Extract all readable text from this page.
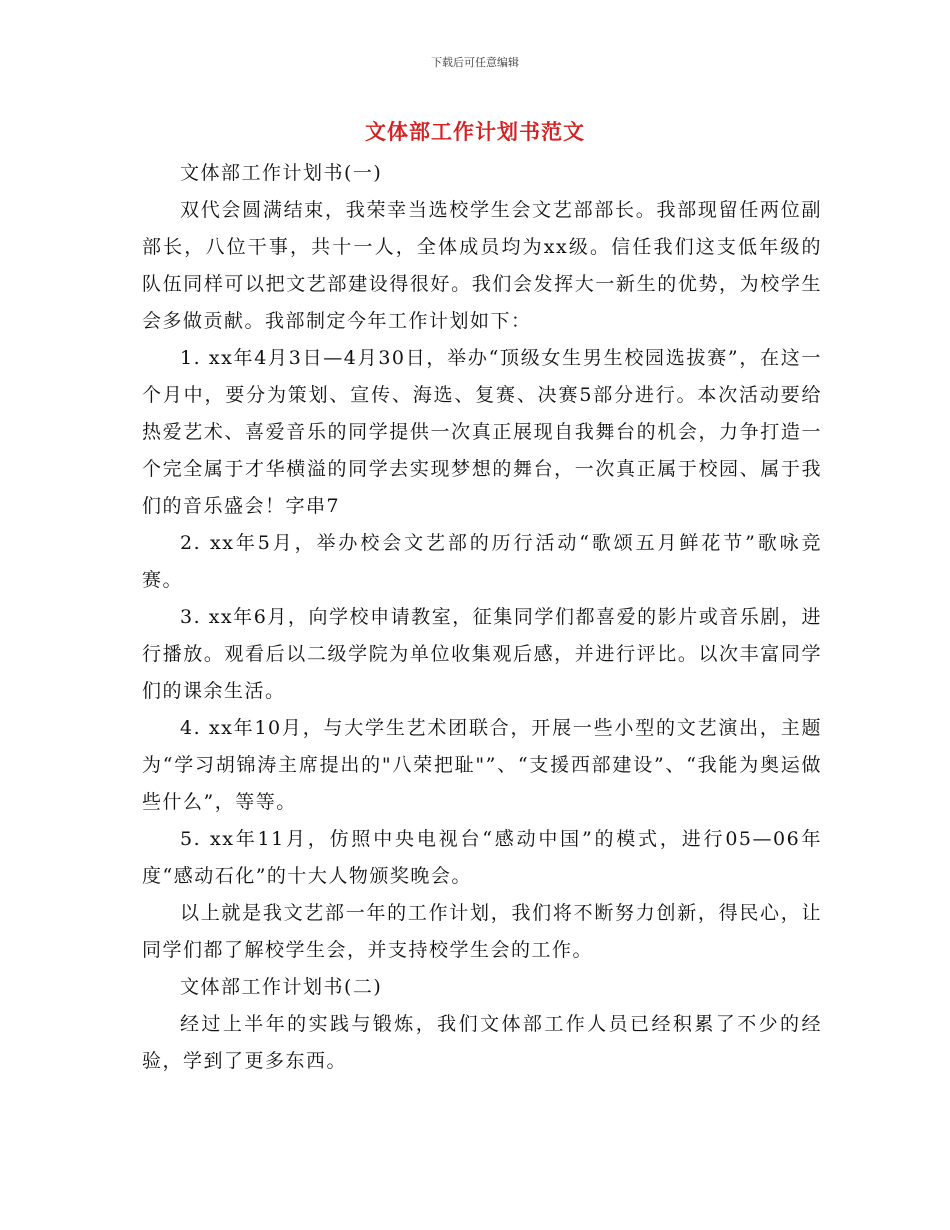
下载后可任意编辑
文体部工作计划书范文

文体部工作计划书(一)

双代会圆满结束，我荣幸当选校学生会文艺部部长。我部现留任两位副部长，八位干事，共十一人，全体成员均为xx级。信任我们这支低年级的队伍同样可以把文艺部建设得很好。我们会发挥大一新生的优势，为校学生会多做贡献。我部制定今年工作计划如下：

1. xx年4月3日—4月30日，举办“顶级女生男生校园选拔赛”，在这一个月中，要分为策划、宣传、海选、复赛、决赛5部分进行。本次活动要给热爱艺术、喜爱音乐的同学提供一次真正展现自我舞台的机会，力争打造一个完全属于才华横溢的同学去实现梦想的舞台，一次真正属于校园、属于我们的音乐盛会！字串7

2. xx年5月，举办校会文艺部的历行活动“歌颂五月鲜花节”歌咏竞赛。

3. xx年6月，向学校申请教室，征集同学们都喜爱的影片或音乐剧，进行播放。观看后以二级学院为单位收集观后感，并进行评比。以次丰富同学们的课余生活。

4. xx年10月，与大学生艺术团联合，开展一些小型的文艺演出，主题为“学习胡锦涛主席提出的"八荣把耻"”、“支援西部建设”、“我能为奥运做些什么”，等等。

5. xx年11月，仿照中央电视台“感动中国”的模式，进行05—06年度“感动石化”的十大人物颁奖晚会。

以上就是我文艺部一年的工作计划，我们将不断努力创新，得民心，让同学们都了解校学生会，并支持校学生会的工作。

文体部工作计划书(二)

经过上半年的实践与锻炼，我们文体部工作人员已经积累了不少的经验，学到了更多东西。
